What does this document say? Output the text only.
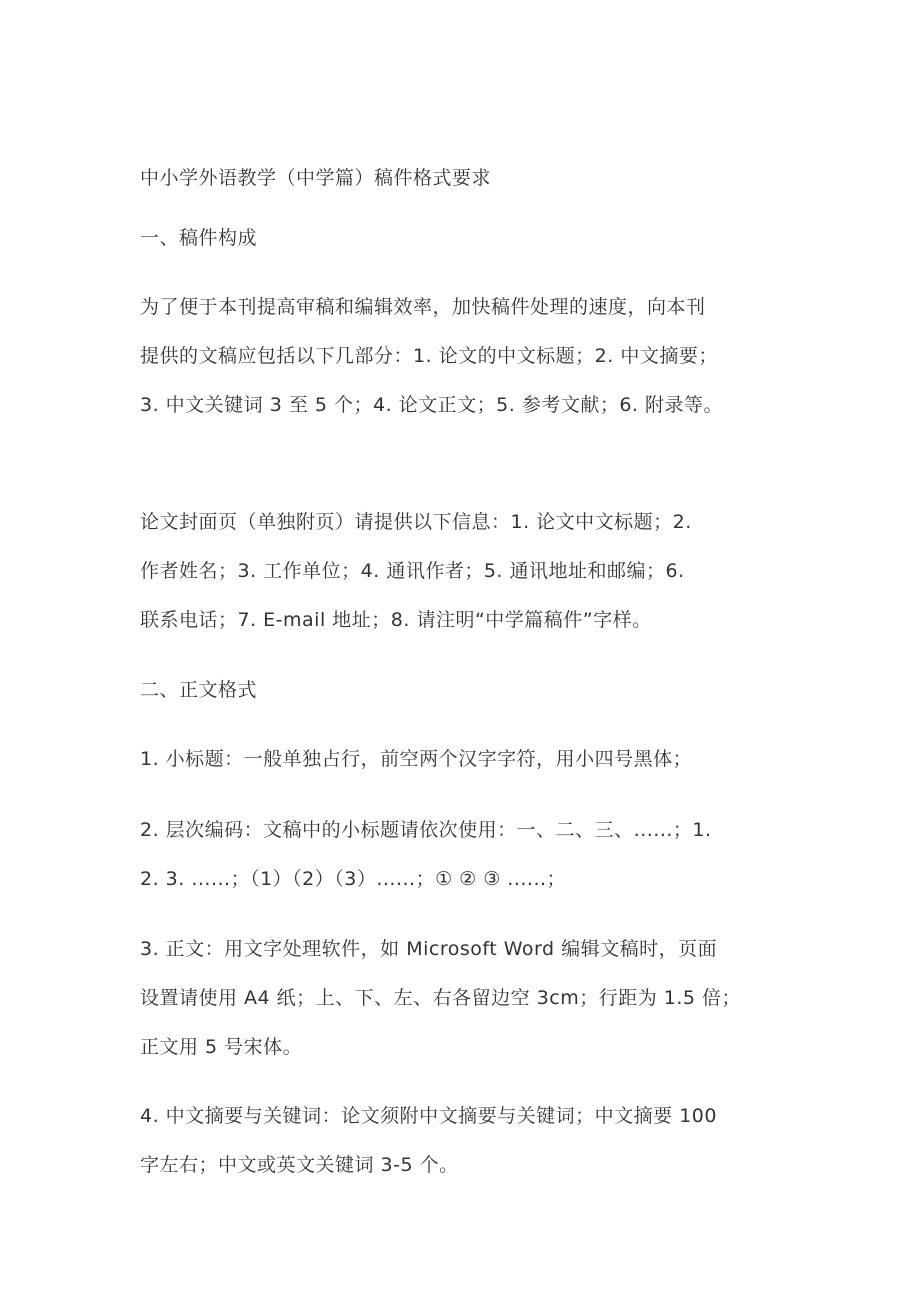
中小学外语教学（中学篇）稿件格式要求
一、稿件构成
为了便于本刊提高审稿和编辑效率，加快稿件处理的速度，向本刊
提供的文稿应包括以下几部分：1. 论文的中文标题；2. 中文摘要；
3. 中文关键词 3 至 5 个；4. 论文正文；5. 参考文献；6. 附录等。
论文封面页（单独附页）请提供以下信息：1. 论文中文标题；2.
作者姓名；3. 工作单位；4. 通讯作者；5. 通讯地址和邮编；6.
联系电话；7. E-mail 地址；8. 请注明“中学篇稿件”字样。
二、正文格式
1. 小标题：一般单独占行，前空两个汉字字符，用小四号黑体；
2. 层次编码：文稿中的小标题请依次使用：一、二、三、......；1.
2. 3. ......；（1）（2）（3）......；① ② ③ ......；
3. 正文：用文字处理软件，如 Microsoft Word 编辑文稿时，页面
设置请使用 A4 纸；上、下、左、右各留边空 3cm；行距为 1.5 倍；
正文用 5 号宋体。
4. 中文摘要与关键词：论文须附中文摘要与关键词；中文摘要 100
字左右；中文或英文关键词 3-5 个。
